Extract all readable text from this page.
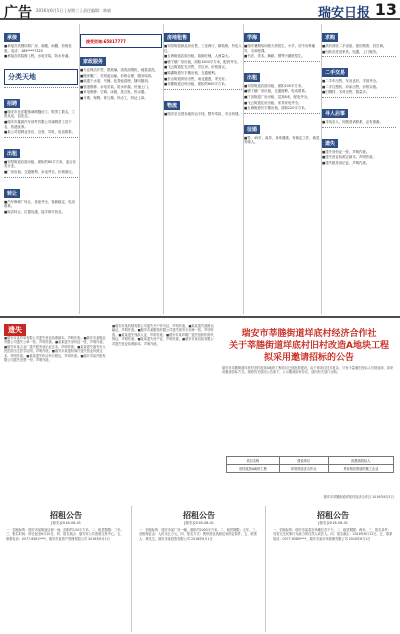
广告 2016年6月1日 | 星期三 | 责任编辑：林斌	瑞安日报 13
承接
■承接各类钢结构厂房、阁楼、雨棚，价格优惠。电话：189****7325
■承接各类装修工程，水电安装，防水补漏。
分类天地
招聘
■瑞安市北洋服饰诚聘缝纫工、熨烫工数名，工资从优，包吃住。
■瑞安市鑫源汽车部件有限公司诚聘普工若干名，待遇优厚。
■某公司招聘业务员、仓管、司机，电话联系。
出租
■安阳街道店面出租，面积约80平方米，适合各类行业。
■厂房出租，交通便利，水电齐全，价格面议。
转让
■汽车修理厂转让，设备齐全，客源稳定，电话联系。
■饭店转让，位置优越，接手即可营业。
接受咨询:65817777
家政服务
■专业保洁开荒、擦玻璃、清洗油烟机、地毯清洗。
■搬家搬厂、长短途运输，价格合理，服务周到。
■疏通下水道、马桶、化粪池清理，随叫随到。
■管道维修、水电安装、防水补漏，快速上门。
■家电维修：空调、冰箱、洗衣机、热水器。
■月嫂、保姆、育儿嫂、钟点工，持证上岗。
房地租售
■安阳街道商品房出售，三室两厅，精装修，拎包入住。
■玉海街道店面出租，临街旺铺，人流量大。
■塘下镇厂房出租，面积1500平方米，配套齐全。
■飞云街道住宅出售，学区房，价格面议。
■锦湖街道写字楼出租，交通便利。
■东山街道套房出售，南北通透，采光好。
■莘塍街道仓库出租，面积约600平方米。
物流
■瑞安至全国各地货运专线，整车零担，安全快捷。
学海
■瑞安暑期培训班火热招生，小学、初中各科辅导，名师授课。
■书法、美术、舞蹈、钢琴兴趣班招生。
出租
■安阳街道店面出租，面积100平方米。
■塘下镇厂房出租，交通便利，电话联系。
■汀田街道厂房出租，层高6米，配电齐全。
■飞云街道住房出租，家具家电齐全。
■玉海街道写字楼出租，面积220平方米。
征婚
■男，45岁，离异，身体健康，有稳定工作，诚觅有缘人。
求购
■高价回收二手设备、废旧物资、旧空调。
■回收各类旧家具、电器，上门服务。
二手交易
■二手车出售，车况良好，手续齐全。
■二手注塑机、冲床出售，价格实惠。
■旧钢材、木材出售，数量多。
寻人启事
■寻找亲人，知情者请联系，必有重谢。
遗失
■遗失身份证一张，声明作废。
■遗失营业执照正副本，声明作废。
■遗失税务登记证，声明作废。
遗失
■瑞安市某贸易有限公司遗失营业执照副本，声明作废。■瑞安市某鞋业有限公司遗失公章一枚，声明作废。■某某遗失身份证一张，声明作废。■瑞安市某五金厂遗失税务登记证正本，声明作废。■某某遗失瑞安市人民医院出生医学证明，声明作废。■瑞安市某建材商行遗失营业执照正本，声明作废。■某某遗失机动车行驶证，声明作废。■瑞安市某汽配有限公司遗失发票一份，声明作废。
■瑞安市某机械有限公司遗失开户许可证，声明作废。■某某遗失道路运输证，声明作废。■瑞安市某服饰有限公司遗失财务专用章一枚，声明作废。■某某遗失残疾人证，声明作废。■瑞安市某印刷厂遗失组织机构代码证，声明作废。■某某遗失房产证，声明作废。■瑞安市某包装有限公司遗失营业执照副本，声明作废。
瑞安市莘塍街道垟底村经济合作社
关于莘塍街道垟底村旧村改造A地块工程
拟采用邀请招标的公告
瑞安市莘塍街道垟底村旧村改造A地块工程项目已经批准建设，由于该项目技术复杂，只有少量潜在投标人可供选择，拟采用邀请招标方式。现将有关情况公告如下，公示期间如有异议，请向有关部门反映。
项目名称	建设单位	拟邀请投标人
旧村改造A地块工程	垟底村经济合作社	具有相应资质的施工企业
瑞安市莘塍街道垟底村经济合作社 2016年6月1日
招租公告
[瑞安]2016-06-01
一、招租标的：瑞安市某街道店面一间，面积约120平方米。二、租赁期限：三年。三、报名时间：即日起至6月10日。四、报名地点：瑞安市公共资源交易中心。五、联系电话：0577-6581****。瑞安市某资产管理有限公司 2016年6月1日
招租公告
[瑞安]2016-06-01
一、招租标的：瑞安市某厂房一幢，面积约2000平方米。二、租赁期限：五年。三、竞租保证金：人民币五万元。四、报名方式：携带营业执照及身份证原件。五、联系人：林先生。瑞安市某投资有限公司 2016年6月1日
招租公告
[瑞安]2016-06-01
一、招租标的：瑞安市某菜市场摊位若干个。二、租赁期限：两年。三、报名条件：具有完全民事行为能力的自然人或法人。四、报名截止：2016年6月12日。五、联系电话：0577-6589****。瑞安市某市场管理有限公司 2016年6月1日
